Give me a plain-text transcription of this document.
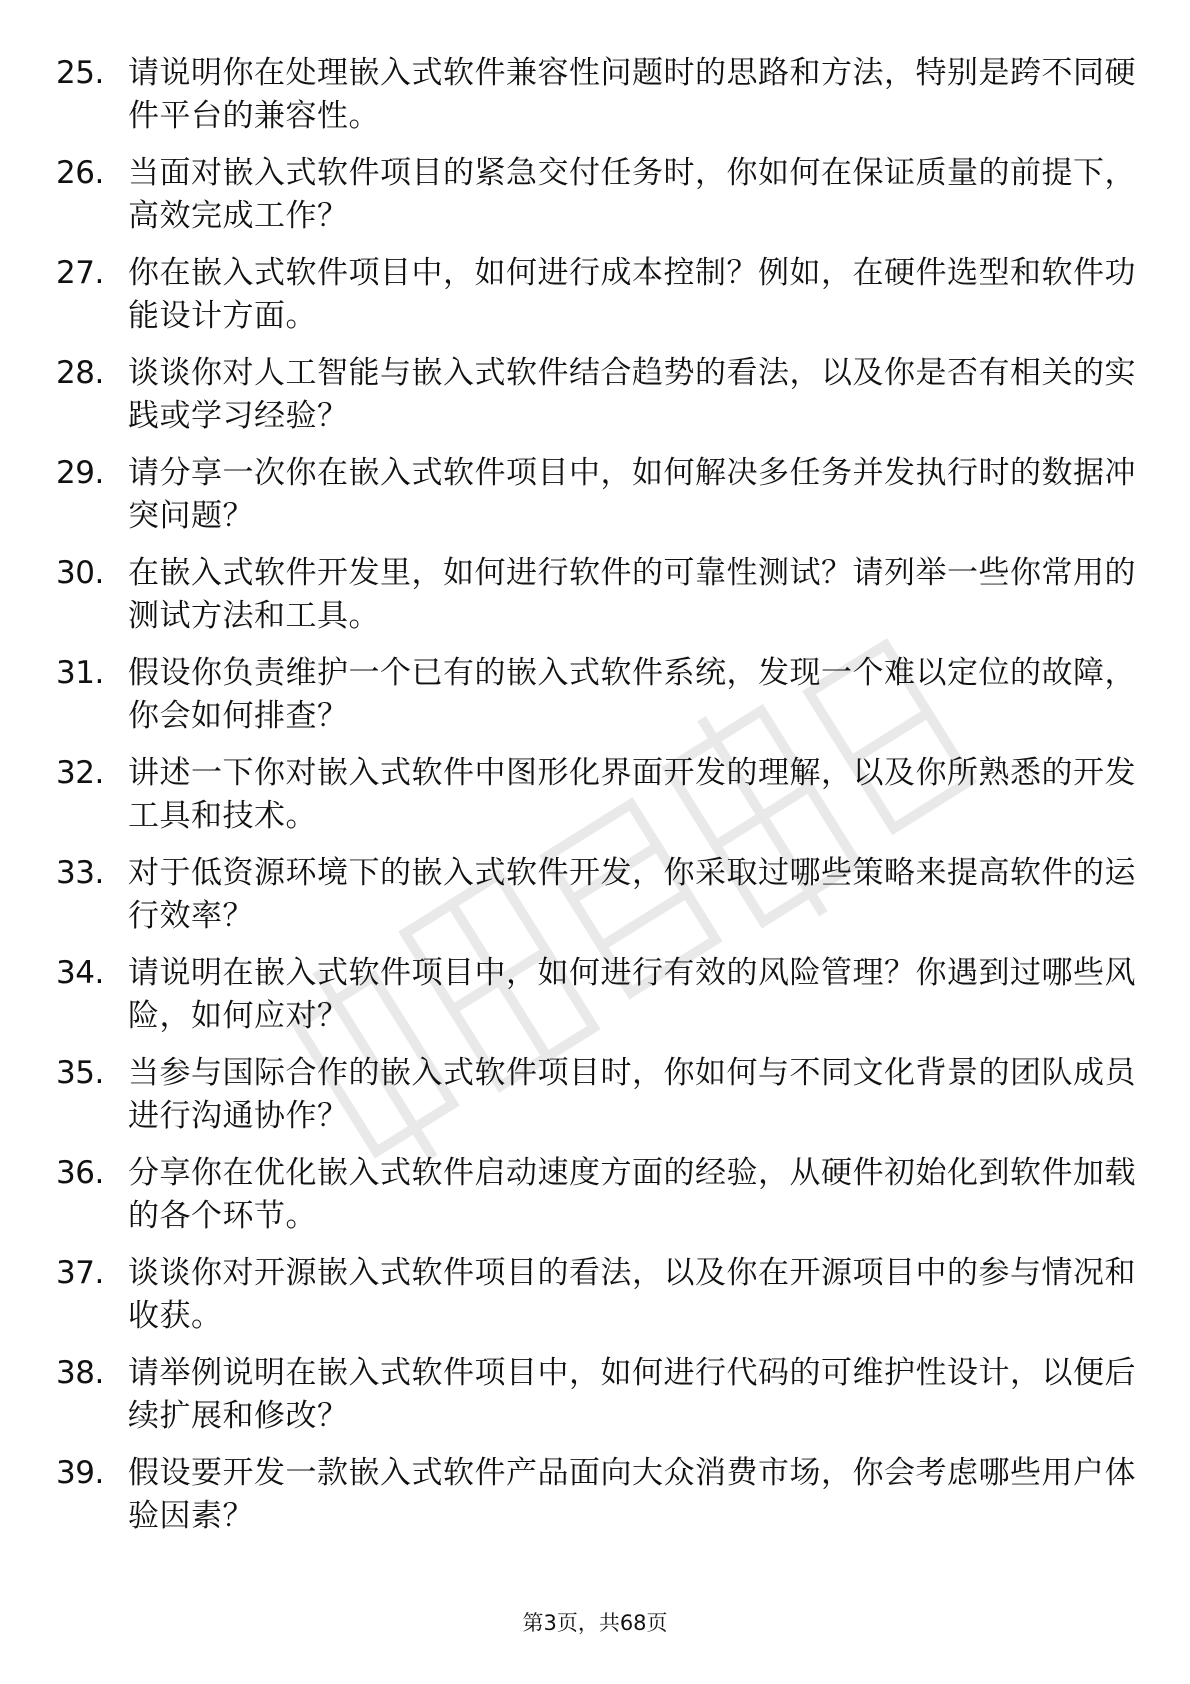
25. 请说明你在处理嵌入式软件兼容性问题时的思路和方法，特别是跨不同硬件平台的兼容性。
26. 当面对嵌入式软件项目的紧急交付任务时，你如何在保证质量的前提下，高效完成工作？
27. 你在嵌入式软件项目中，如何进行成本控制？例如，在硬件选型和软件功能设计方面。
28. 谈谈你对人工智能与嵌入式软件结合趋势的看法，以及你是否有相关的实践或学习经验？
29. 请分享一次你在嵌入式软件项目中，如何解决多任务并发执行时的数据冲突问题？
30. 在嵌入式软件开发里，如何进行软件的可靠性测试？请列举一些你常用的测试方法和工具。
31. 假设你负责维护一个已有的嵌入式软件系统，发现一个难以定位的故障，你会如何排查？
32. 讲述一下你对嵌入式软件中图形化界面开发的理解，以及你所熟悉的开发工具和技术。
33. 对于低资源环境下的嵌入式软件开发，你采取过哪些策略来提高软件的运行效率？
34. 请说明在嵌入式软件项目中，如何进行有效的风险管理？你遇到过哪些风险，如何应对？
35. 当参与国际合作的嵌入式软件项目时，你如何与不同文化背景的团队成员进行沟通协作？
36. 分享你在优化嵌入式软件启动速度方面的经验，从硬件初始化到软件加载的各个环节。
37. 谈谈你对开源嵌入式软件项目的看法，以及你在开源项目中的参与情况和收获。
38. 请举例说明在嵌入式软件项目中，如何进行代码的可维护性设计，以便后续扩展和修改？
39. 假设要开发一款嵌入式软件产品面向大众消费市场，你会考虑哪些用户体验因素？
第3页，共68页
